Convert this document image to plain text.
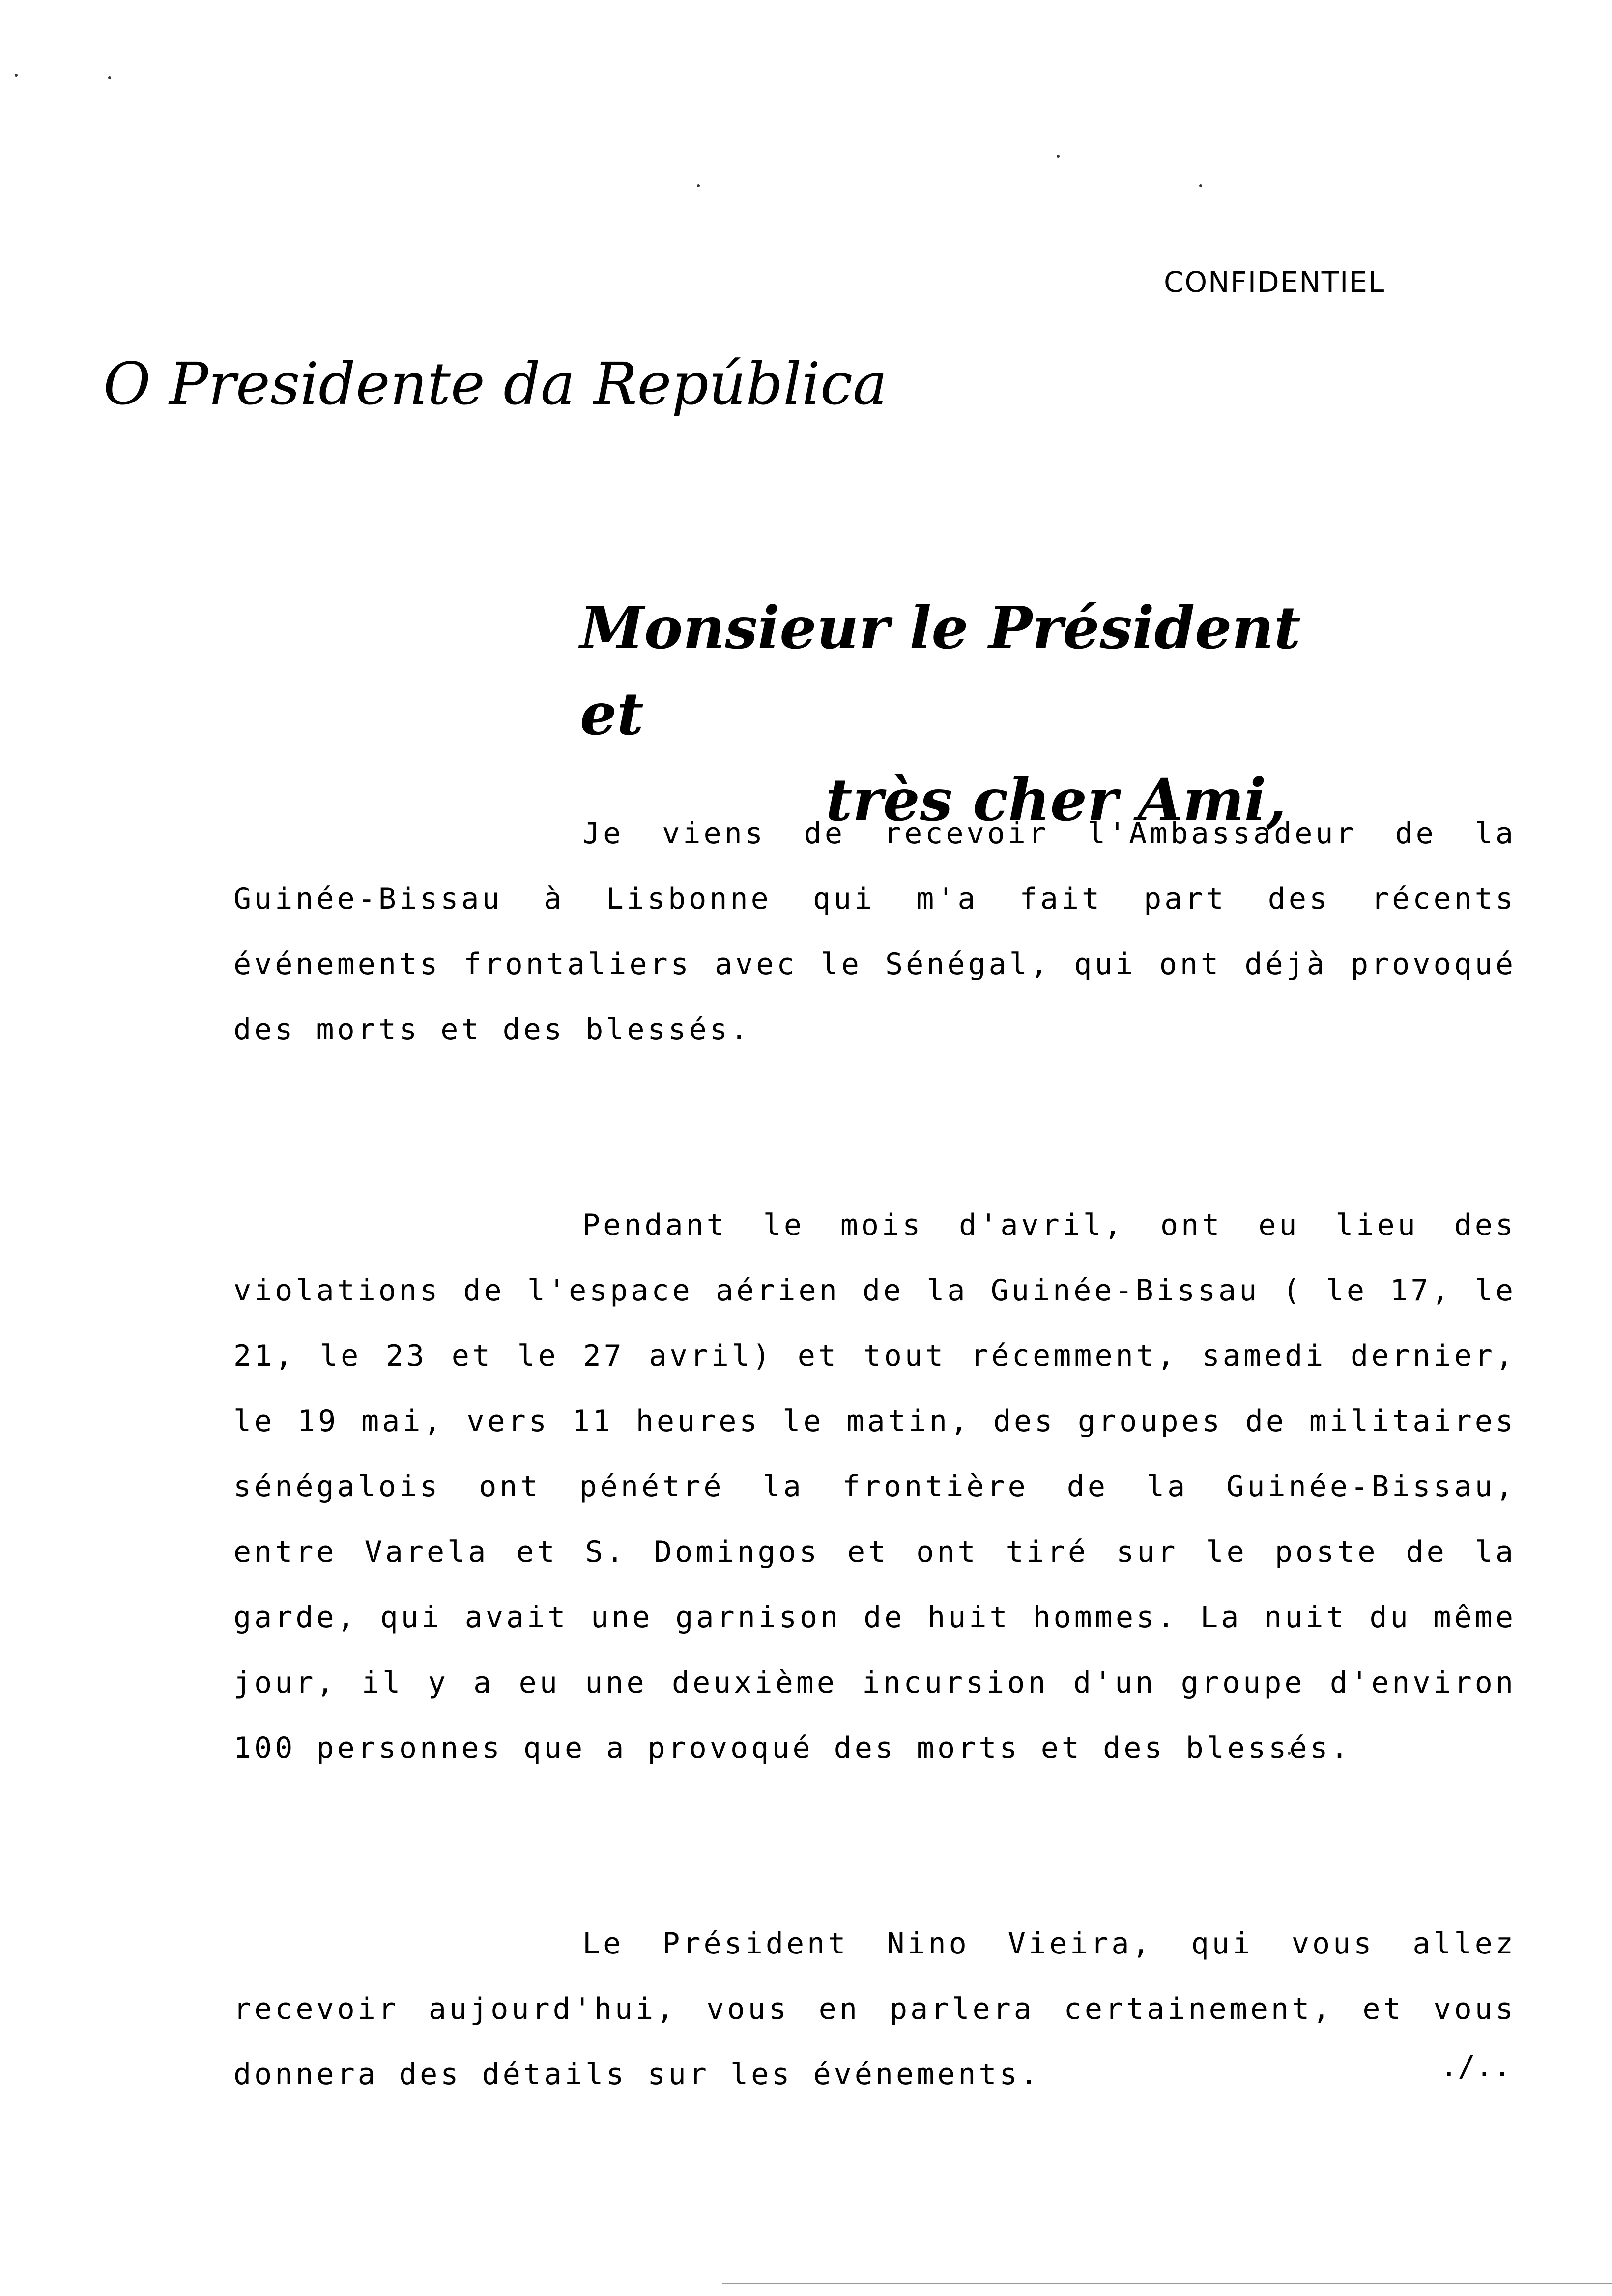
CONFIDENTIEL
O Presidente da República
Monsieur le Président et
très cher Ami,

Je viens de recevoir l'Ambassadeur de la Guinée-Bissau à Lisbonne qui m'a fait part des récents événements frontaliers avec le Sénégal, qui ont déjà provoqué des morts et des blessés.

Pendant le mois d'avril, ont eu lieu des violations de l'espace aérien de la Guinée-Bissau ( le 17, le 21, le 23 et le 27 avril) et tout récemment, samedi dernier, le 19 mai, vers 11 heures le matin, des groupes de militaires sénégalois ont pénétré la frontière de la Guinée-Bissau, entre Varela et S. Domingos et ont tiré sur le poste de la garde, qui avait une garnison de huit hommes. La nuit du même jour, il y a eu une deuxième incursion d'un groupe d'environ 100 personnes que a provoqué des morts et des blessés.

Le Président Nino Vieira, qui vous allez recevoir aujourd'hui, vous en parlera certainement, et vous donnera des détails sur les événements.	./..
